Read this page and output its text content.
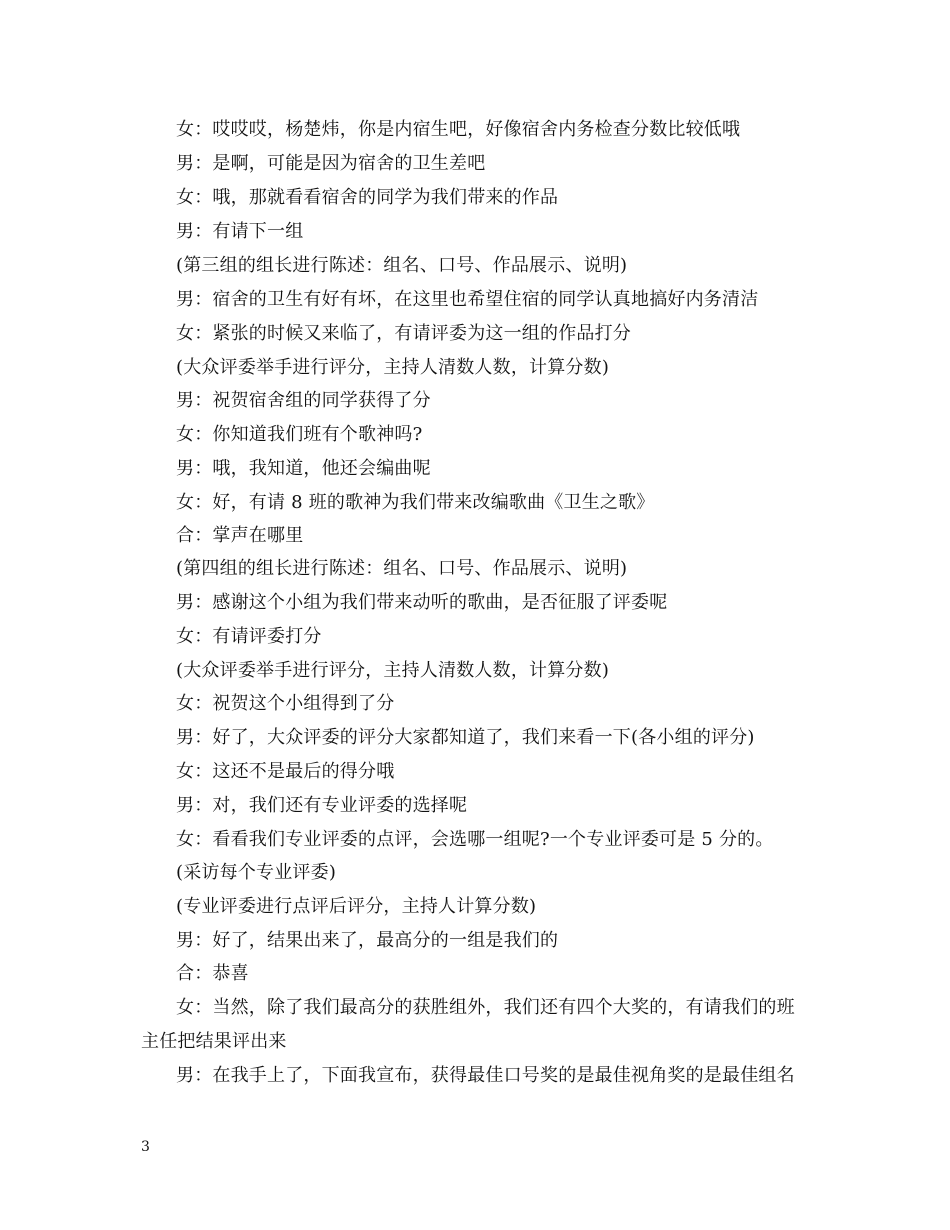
女：哎哎哎，杨楚炜，你是内宿生吧，好像宿舍内务检查分数比较低哦
男：是啊，可能是因为宿舍的卫生差吧
女：哦，那就看看宿舍的同学为我们带来的作品
男：有请下一组
(第三组的组长进行陈述：组名、口号、作品展示、说明)
男：宿舍的卫生有好有坏，在这里也希望住宿的同学认真地搞好内务清洁
女：紧张的时候又来临了，有请评委为这一组的作品打分
(大众评委举手进行评分，主持人清数人数，计算分数)
男：祝贺宿舍组的同学获得了分
女：你知道我们班有个歌神吗?
男：哦，我知道，他还会编曲呢
女：好，有请 8 班的歌神为我们带来改编歌曲《卫生之歌》
合：掌声在哪里
(第四组的组长进行陈述：组名、口号、作品展示、说明)
男：感谢这个小组为我们带来动听的歌曲，是否征服了评委呢
女：有请评委打分
(大众评委举手进行评分，主持人清数人数，计算分数)
女：祝贺这个小组得到了分
男：好了，大众评委的评分大家都知道了，我们来看一下(各小组的评分)
女：这还不是最后的得分哦
男：对，我们还有专业评委的选择呢
女：看看我们专业评委的点评，会选哪一组呢?一个专业评委可是 5 分的。
(采访每个专业评委)
(专业评委进行点评后评分，主持人计算分数)
男：好了，结果出来了，最高分的一组是我们的
合：恭喜
女：当然，除了我们最高分的获胜组外，我们还有四个大奖的，有请我们的班
主任把结果评出来
男：在我手上了，下面我宣布，获得最佳口号奖的是最佳视角奖的是最佳组名
3
